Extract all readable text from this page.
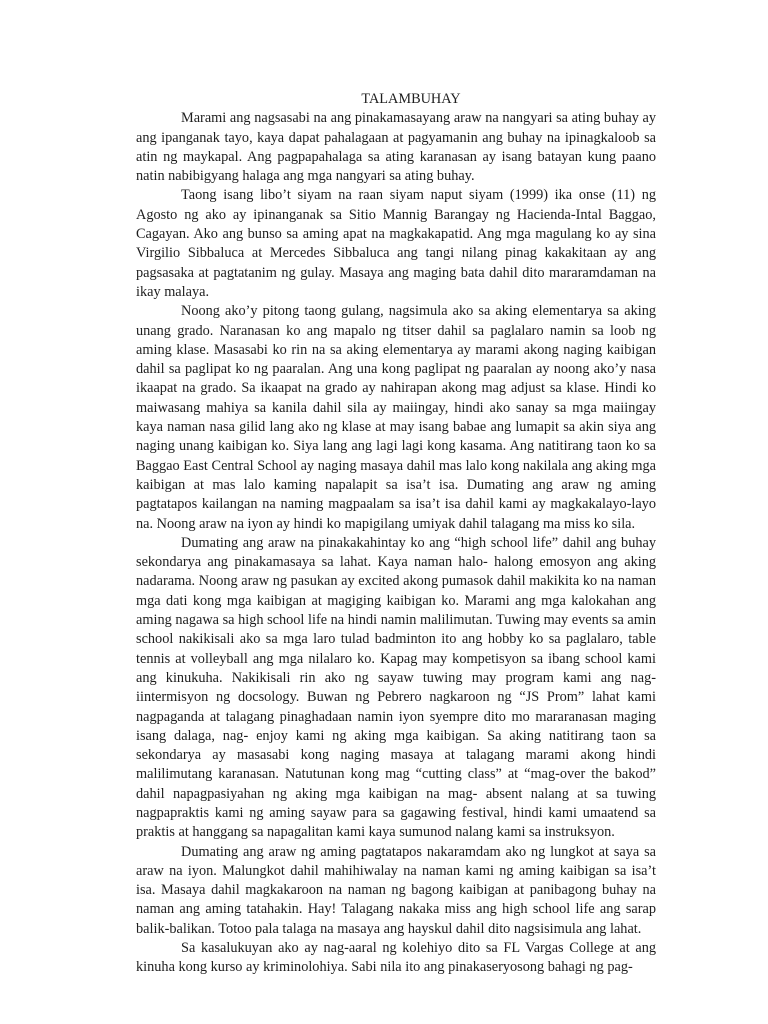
TALAMBUHAY

Marami ang nagsasabi na ang pinakamasayang araw na nangyari sa ating buhay ay ang ipanganak tayo, kaya dapat pahalagaan at pagyamanin ang buhay na ipinagkaloob sa atin ng maykapal. Ang pagpapahalaga sa ating karanasan ay isang batayan kung paano natin nabibigyang halaga ang mga nangyari sa ating buhay.

Taong isang libo’t siyam na raan siyam naput siyam (1999) ika onse (11) ng Agosto ng ako ay ipinanganak sa Sitio Mannig Barangay ng Hacienda-Intal Baggao, Cagayan. Ako ang bunso sa aming apat na magkakapatid. Ang mga magulang ko ay sina Virgilio Sibbaluca at Mercedes Sibbaluca ang tangi nilang pinag kakakitaan ay ang pagsasaka at pagtatanim ng gulay. Masaya ang maging bata dahil dito mararamdaman na ikay malaya.

Noong ako’y pitong taong gulang, nagsimula ako sa aking elementarya sa aking unang grado. Naranasan ko ang mapalo ng titser dahil sa paglalaro namin sa loob ng aming klase. Masasabi ko rin na sa aking elementarya ay marami akong naging kaibigan dahil sa paglipat ko ng paaralan. Ang una kong paglipat ng paaralan ay noong ako’y nasa ikaapat na grado. Sa ikaapat na grado ay nahirapan akong mag adjust sa klase. Hindi ko maiwasang mahiya sa kanila dahil sila ay maiingay, hindi ako sanay sa mga maiingay kaya naman nasa gilid lang ako ng klase at may isang babae ang lumapit sa akin siya ang naging unang kaibigan ko. Siya lang ang lagi lagi kong kasama. Ang natitirang taon ko sa Baggao East Central School ay naging masaya dahil mas lalo kong nakilala ang aking mga kaibigan at mas lalo kaming napalapit sa isa’t isa. Dumating ang araw ng aming pagtatapos kailangan na naming magpaalam sa isa’t isa dahil kami ay magkakalayo-layo na. Noong araw na iyon ay hindi ko mapigilang umiyak dahil talagang ma miss ko sila.

Dumating ang araw na pinakakahintay ko ang “high school life” dahil ang buhay sekondarya ang pinakamasaya sa lahat. Kaya naman halo- halong emosyon ang aking nadarama. Noong araw ng pasukan ay excited akong pumasok dahil makikita ko na naman mga dati kong mga kaibigan at magiging kaibigan ko. Marami ang mga kalokahan ang aming nagawa sa high school life na hindi namin malilimutan. Tuwing may events sa amin school nakikisali ako sa mga laro tulad badminton ito ang hobby ko sa paglalaro, table tennis at volleyball ang mga nilalaro ko. Kapag may kompetisyon sa ibang school kami ang kinukuha. Nakikisali rin ako ng sayaw tuwing may program kami ang nag- iintermisyon ng docsology. Buwan ng Pebrero nagkaroon ng “JS Prom” lahat kami nagpaganda at talagang pinaghadaan namin iyon syempre dito mo mararanasan maging isang dalaga, nag- enjoy kami ng aking mga kaibigan. Sa aking natitirang taon sa sekondarya ay masasabi kong naging masaya at talagang marami akong hindi malilimutang karanasan. Natutunan kong mag “cutting class” at “mag-over the bakod” dahil napagpasiyahan ng aking mga kaibigan na mag- absent nalang at sa tuwing nagpapraktis kami ng aming sayaw para sa gagawing festival, hindi kami umaatend sa praktis at hanggang sa napagalitan kami kaya sumunod nalang kami sa instruksyon.

Dumating ang araw ng aming pagtatapos nakaramdam ako ng lungkot at saya sa araw na iyon. Malungkot dahil mahihiwalay na naman kami ng aming kaibigan sa isa’t isa. Masaya dahil magkakaroon na naman ng bagong kaibigan at panibagong buhay na naman ang aming tatahakin. Hay! Talagang nakaka miss ang high school life ang sarap balik-balikan. Totoo pala talaga na masaya ang hayskul dahil dito nagsisimula ang lahat.

Sa kasalukuyan ako ay nag-aaral ng kolehiyo dito sa FL Vargas College at ang kinuha kong kurso ay kriminolohiya. Sabi nila ito ang pinakaseryosong bahagi ng pag-
